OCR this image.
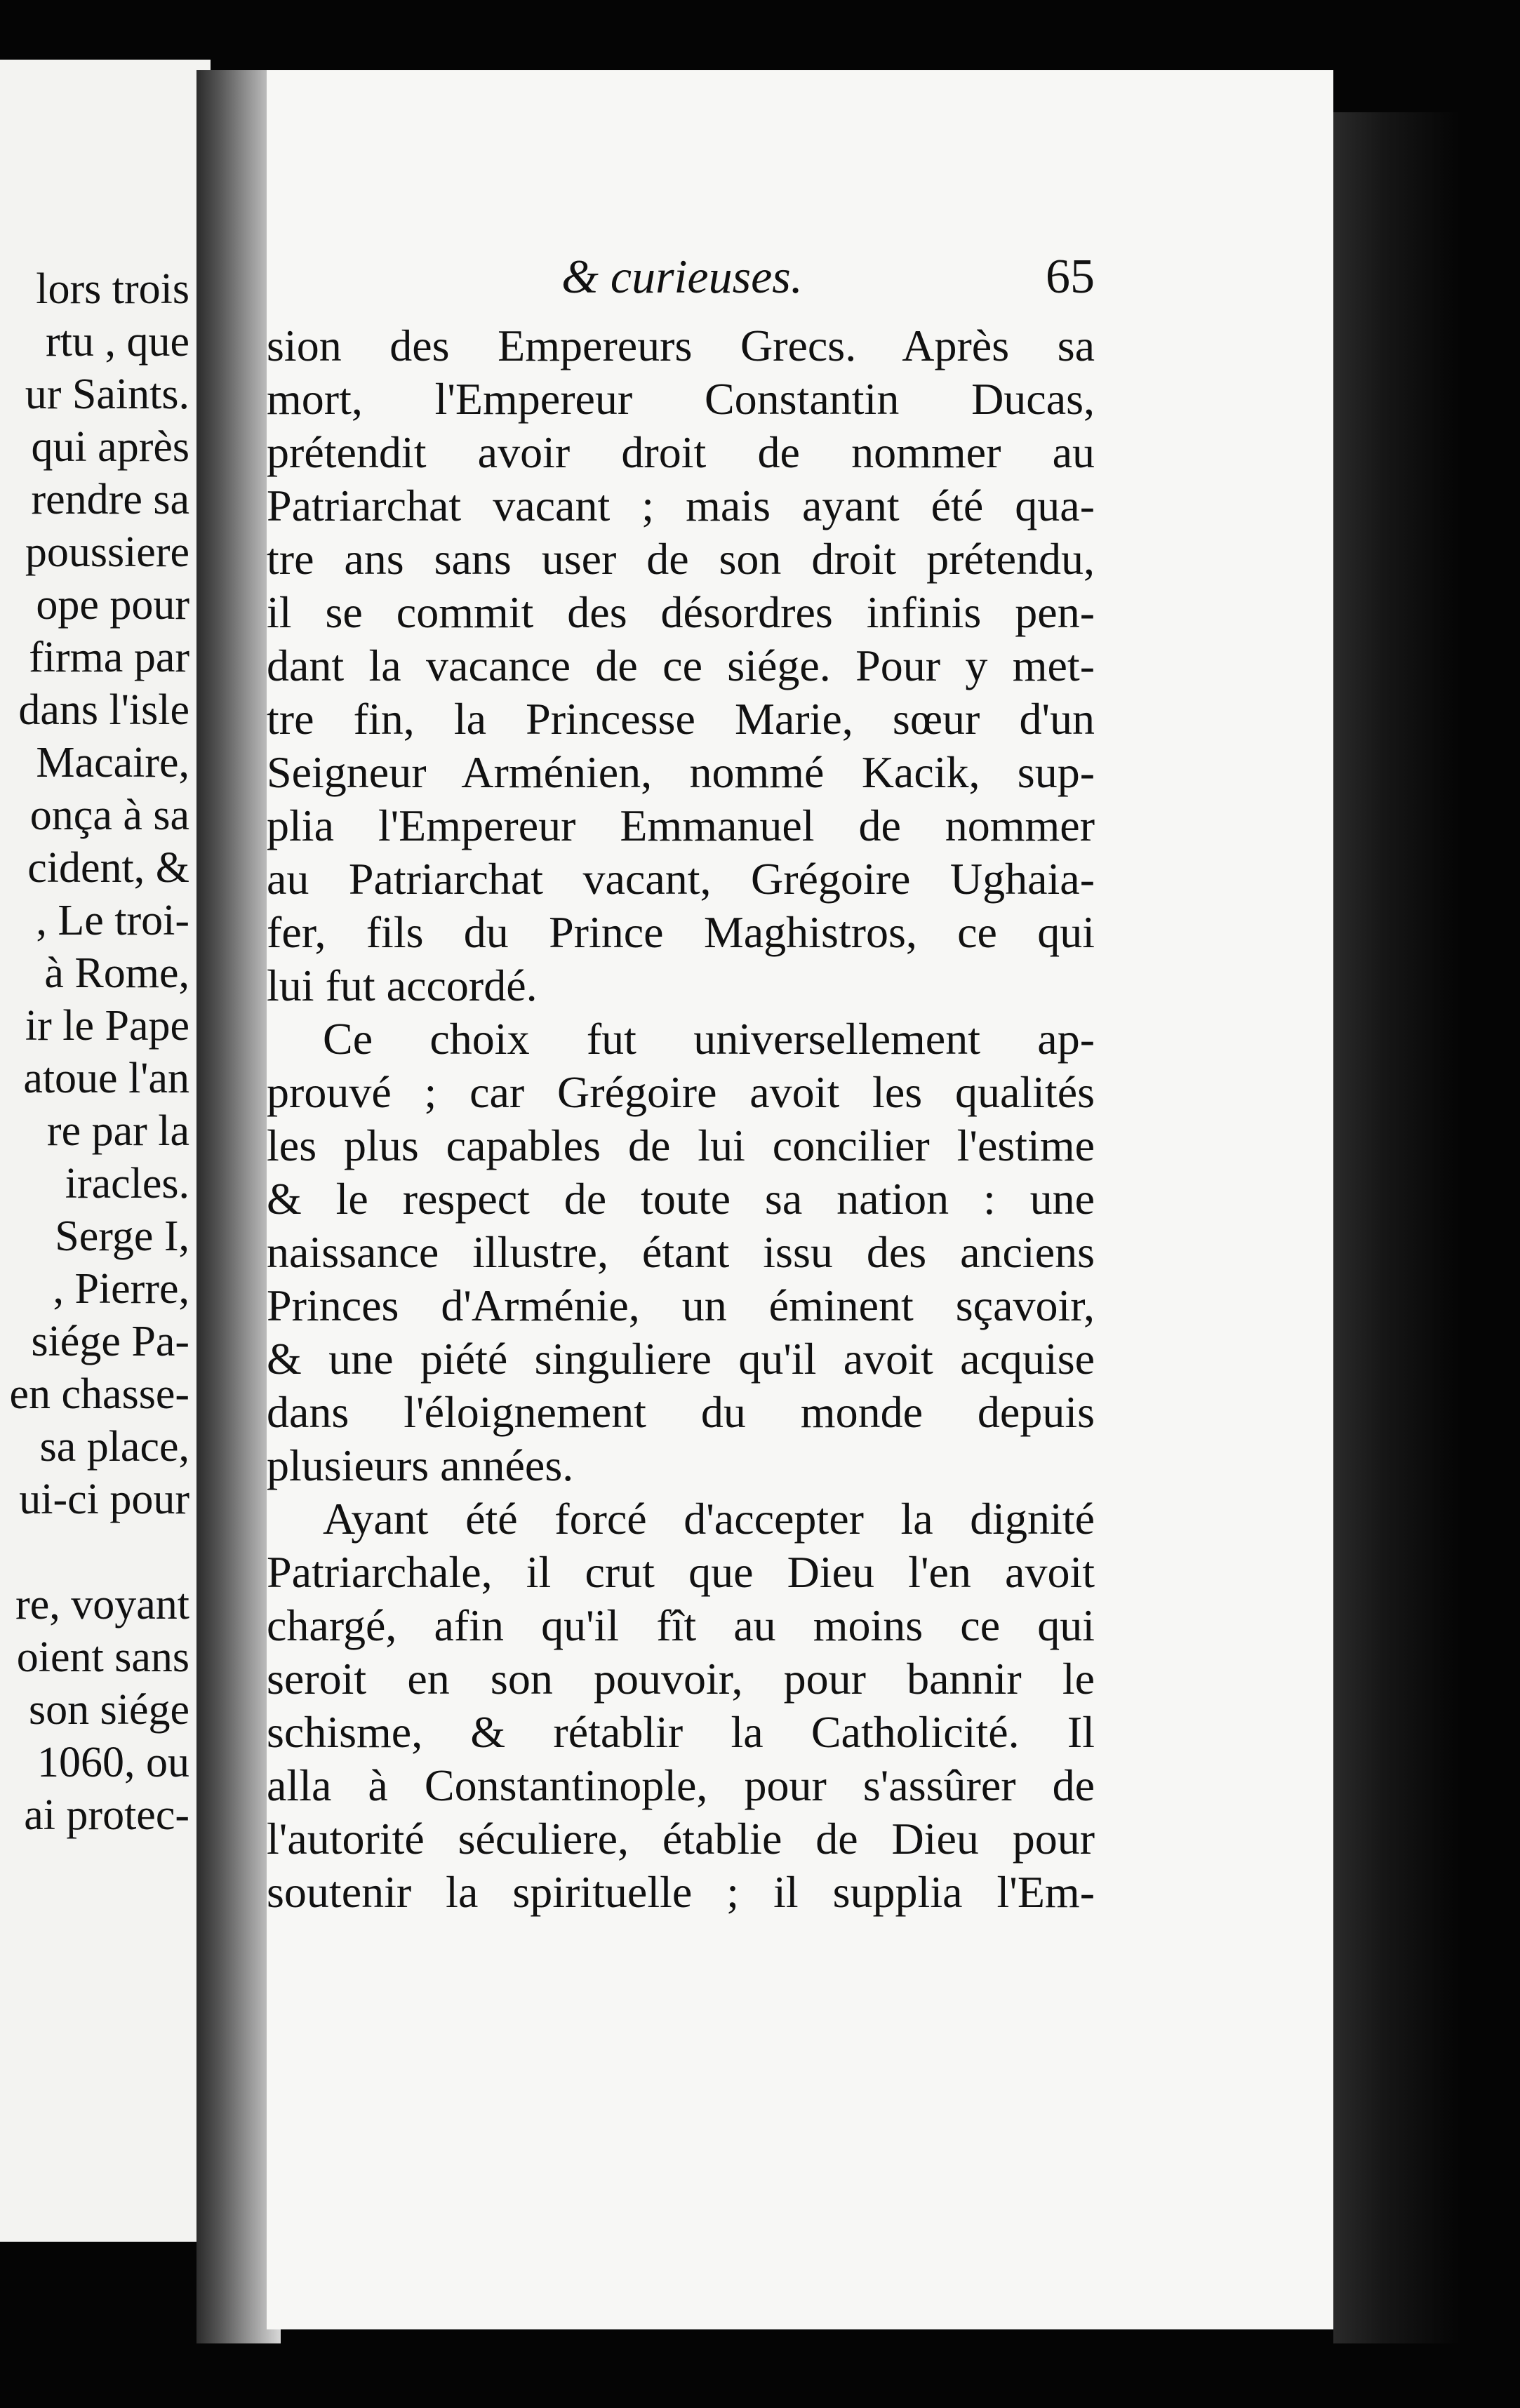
lors trois
rtu , que
ur Saints.
qui après
rendre sa
poussiere
ope pour
firma par
dans l'isle
Macaire,
onça à sa
cident, &
, Le troi-
à Rome,
ir le Pape
atoue l'an
re par la
iracles.
Serge I,
, Pierre,
siége Pa-
en chasse-
sa place,
ui-ci pour
re, voyant
oient sans
son siége
1060, ou
ai protec-
& curieuses.	65
sion des Empereurs Grecs. Après sa
mort, l'Empereur Constantin Ducas,
prétendit avoir droit de nommer au
Patriarchat vacant ; mais ayant été qua-
tre ans sans user de son droit prétendu,
il se commit des désordres infinis pen-
dant la vacance de ce siége. Pour y met-
tre fin, la Princesse Marie, sœur d'un
Seigneur Arménien, nommé Kacik, sup-
plia l'Empereur Emmanuel de nommer
au Patriarchat vacant, Grégoire Ughaia-
fer, fils du Prince Maghistros, ce qui
lui fut accordé.
Ce choix fut universellement ap-
prouvé ; car Grégoire avoit les qualités
les plus capables de lui concilier l'estime
& le respect de toute sa nation : une
naissance illustre, étant issu des anciens
Princes d'Arménie, un éminent sçavoir,
& une piété singuliere qu'il avoit acquise
dans l'éloignement du monde depuis
plusieurs années.
Ayant été forcé d'accepter la dignité
Patriarchale, il crut que Dieu l'en avoit
chargé, afin qu'il fît au moins ce qui
seroit en son pouvoir, pour bannir le
schisme, & rétablir la Catholicité. Il
alla à Constantinople, pour s'assûrer de
l'autorité séculiere, établie de Dieu pour
soutenir la spirituelle ; il supplia l'Em-
